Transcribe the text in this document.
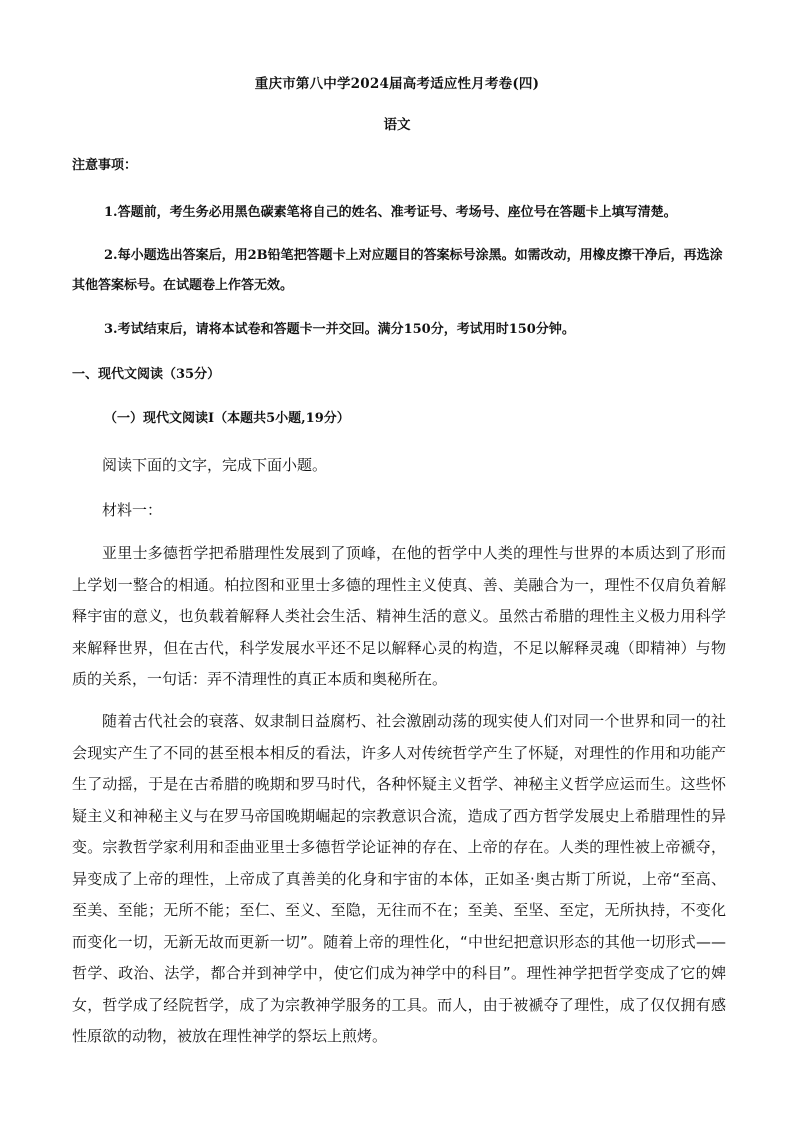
重庆市第八中学2024届高考适应性月考卷(四)
语文
注意事项：
1.答题前，考生务必用黑色碳素笔将自己的姓名、准考证号、考场号、座位号在答题卡上填写清楚。
2.每小题选出答案后，用2B铅笔把答题卡上对应题目的答案标号涂黑。如需改动，用橡皮擦干净后，再选涂其他答案标号。在试题卷上作答无效。
3.考试结束后，请将本试卷和答题卡一并交回。满分150分，考试用时150分钟。
一、现代文阅读（35分）
（一）现代文阅读Ⅰ（本题共5小题,19分）
阅读下面的文字，完成下面小题。
材料一：
亚里士多德哲学把希腊理性发展到了顶峰，在他的哲学中人类的理性与世界的本质达到了形而上学划一整合的相通。柏拉图和亚里士多德的理性主义使真、善、美融合为一，理性不仅肩负着解释宇宙的意义，也负载着解释人类社会生活、精神生活的意义。虽然古希腊的理性主义极力用科学来解释世界，但在古代，科学发展水平还不足以解释心灵的构造，不足以解释灵魂（即精神）与物质的关系，一句话：弄不清理性的真正本质和奥秘所在。
随着古代社会的衰落、奴隶制日益腐朽、社会激剧动荡的现实使人们对同一个世界和同一的社会现实产生了不同的甚至根本相反的看法，许多人对传统哲学产生了怀疑，对理性的作用和功能产生了动摇，于是在古希腊的晚期和罗马时代，各种怀疑主义哲学、神秘主义哲学应运而生。这些怀疑主义和神秘主义与在罗马帝国晚期崛起的宗教意识合流，造成了西方哲学发展史上希腊理性的异变。宗教哲学家利用和歪曲亚里士多德哲学论证神的存在、上帝的存在。人类的理性被上帝褫夺，异变成了上帝的理性，上帝成了真善美的化身和宇宙的本体，正如圣·奥古斯丁所说，上帝“至高、至美、至能；无所不能；至仁、至义、至隐，无往而不在；至美、至坚、至定，无所执持，不变化而变化一切，无新无故而更新一切”。随着上帝的理性化，“中世纪把意识形态的其他一切形式——哲学、政治、法学，都合并到神学中，使它们成为神学中的科目”。理性神学把哲学变成了它的婢女，哲学成了经院哲学，成了为宗教神学服务的工具。而人，由于被褫夺了理性，成了仅仅拥有感性原欲的动物，被放在理性神学的祭坛上煎烤。
